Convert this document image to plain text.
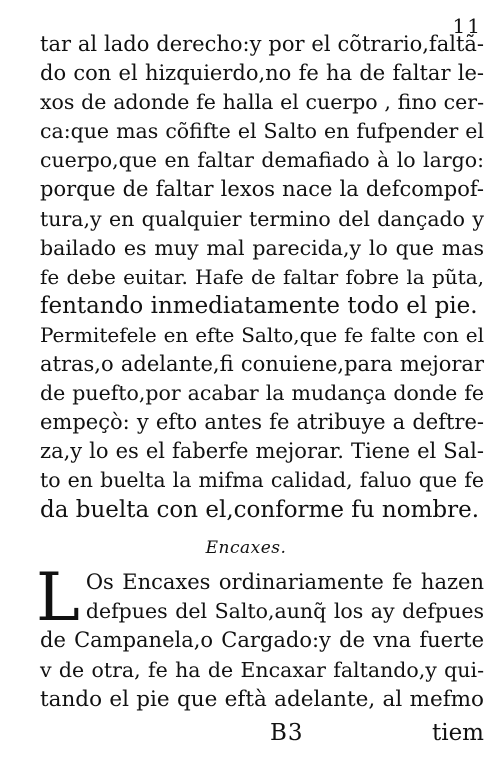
11
tar al lado derecho:y por el cõtrario,faltã-
do con el hizquierdo,no fe ha de faltar le-
xos de adonde fe halla el cuerpo , fino cer-
ca:que mas cõfifte el Salto en fufpender el
cuerpo,que en faltar demafiado à lo largo:
porque de faltar lexos nace la defcompof-
tura,y en qualquier termino del dançado y
bailado es muy mal parecida,y lo que mas
fe debe euitar. Hafe de faltar fobre la pũta,
fentando inmediatamente todo el pie.
Permitefele en efte Salto,que fe falte con el
atras,o adelante,fi conuiene,para mejorar
de puefto,por acabar la mudança donde fe
empeçò: y efto antes fe atribuye a deftre-
za,y lo es el faberfe mejorar. Tiene el Sal-
to en buelta la mifma calidad, faluo que fe
da buelta con el,conforme fu nombre.
Encaxes.
L Os Encaxes ordinariamente fe hazen
defpues del Salto,aunq̃ los ay defpues
de Campanela,o Cargado:y de vna fuerte
v de otra, fe ha de Encaxar faltando,y qui-
tando el pie que eftà adelante, al mefmo
B3	tiem
